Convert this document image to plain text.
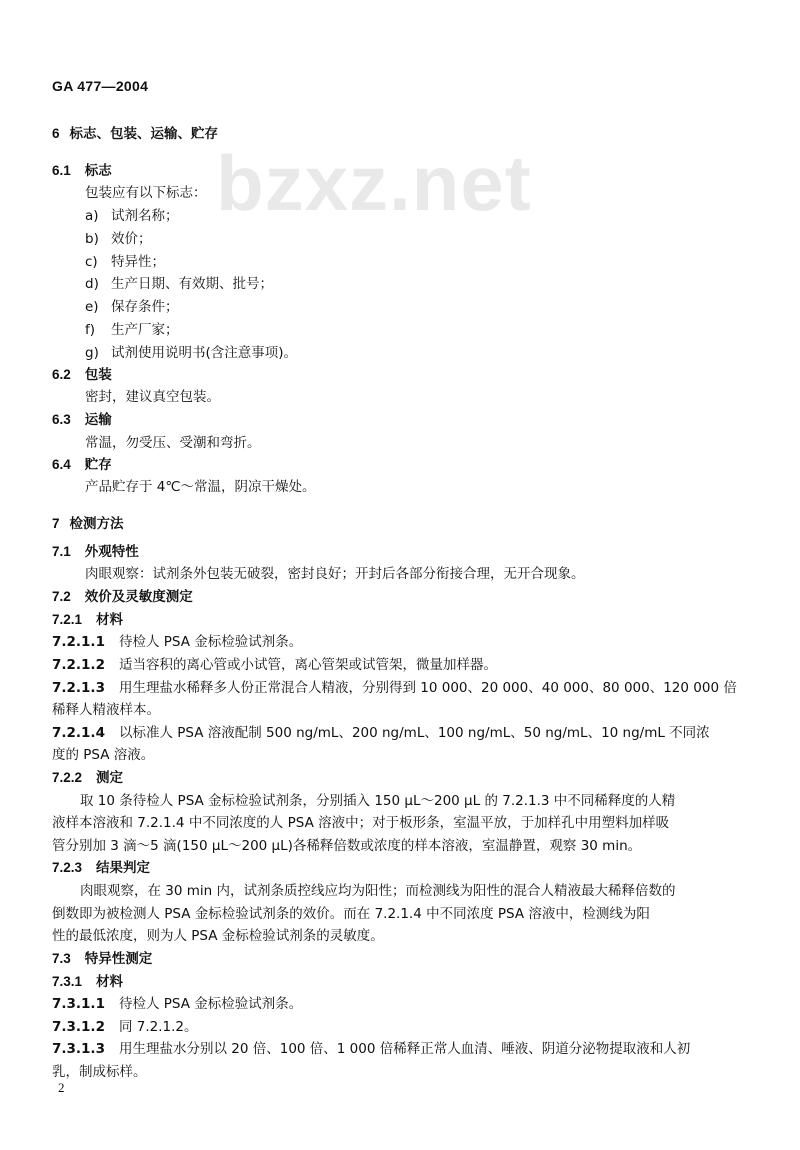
GA 477—2004
bzxz.net
6 标志、包装、运输、贮存
6.1 标志
包装应有以下标志：
a) 试剂名称；
b) 效价；
c) 特异性；
d) 生产日期、有效期、批号；
e) 保存条件；
f) 生产厂家；
g) 试剂使用说明书(含注意事项)。
6.2 包装
密封，建议真空包装。
6.3 运输
常温，勿受压、受潮和弯折。
6.4 贮存
产品贮存于 4℃～常温，阴凉干燥处。
7 检测方法
7.1 外观特性
肉眼观察：试剂条外包装无破裂，密封良好；开封后各部分衔接合理，无开合现象。
7.2 效价及灵敏度测定
7.2.1 材料
7.2.1.1 待检人 PSA 金标检验试剂条。
7.2.1.2 适当容积的离心管或小试管，离心管架或试管架，微量加样器。
7.2.1.3 用生理盐水稀释多人份正常混合人精液，分别得到 10 000、20 000、40 000、80 000、120 000 倍
稀释人精液样本。
7.2.1.4 以标准人 PSA 溶液配制 500 ng/mL、200 ng/mL、100 ng/mL、50 ng/mL、10 ng/mL 不同浓
度的 PSA 溶液。
7.2.2 测定
取 10 条待检人 PSA 金标检验试剂条，分别插入 150 μL～200 μL 的 7.2.1.3 中不同稀释度的人精
液样本溶液和 7.2.1.4 中不同浓度的人 PSA 溶液中；对于板形条，室温平放，于加样孔中用塑料加样吸
管分别加 3 滴～5 滴(150 μL～200 μL)各稀释倍数或浓度的样本溶液，室温静置，观察 30 min。
7.2.3 结果判定
肉眼观察，在 30 min 内，试剂条质控线应均为阳性；而检测线为阳性的混合人精液最大稀释倍数的
倒数即为被检测人 PSA 金标检验试剂条的效价。而在 7.2.1.4 中不同浓度 PSA 溶液中，检测线为阳
性的最低浓度，则为人 PSA 金标检验试剂条的灵敏度。
7.3 特异性测定
7.3.1 材料
7.3.1.1 待检人 PSA 金标检验试剂条。
7.3.1.2 同 7.2.1.2。
7.3.1.3 用生理盐水分别以 20 倍、100 倍、1 000 倍稀释正常人血清、唾液、阴道分泌物提取液和人初
乳，制成标样。
2
